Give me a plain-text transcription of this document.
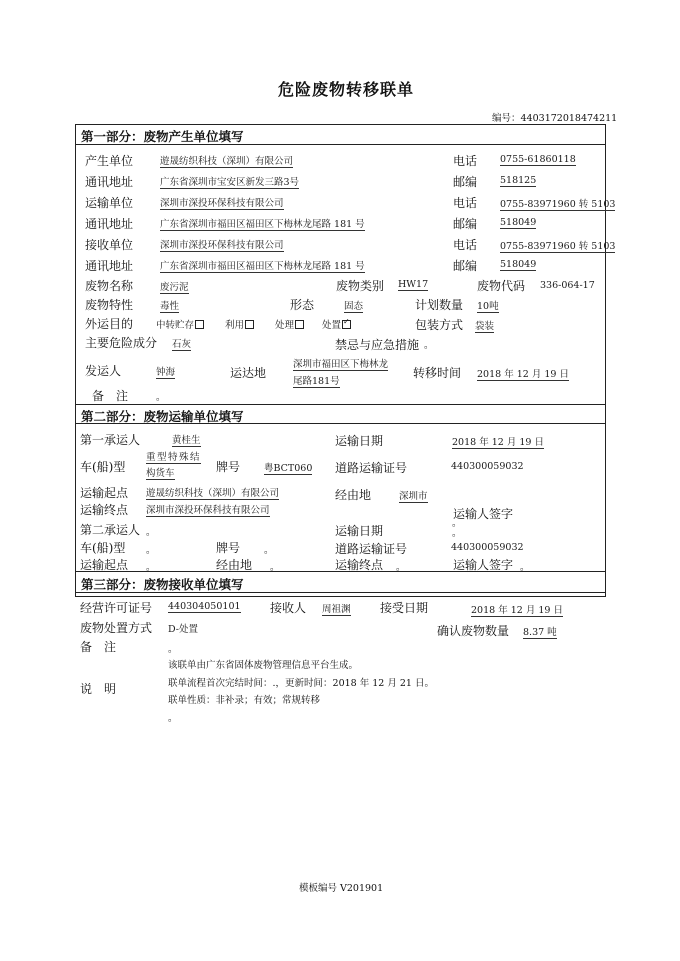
危险废物转移联单
编号：4403172018474211
第一部分：废物产生单位填写
产生单位	遊晟纺织科技（深圳）有限公司	电话 0755-61860118
通讯地址	广东省深圳市宝安区新发三路3号	邮编 518125
运输单位	深圳市深投环保科技有限公司	电话 0755-83971960 转 5103
通讯地址	广东省深圳市福田区福田区下梅林龙尾路 181 号	邮编 518049
接收单位	深圳市深投环保科技有限公司	电话 0755-83971960 转 5103
通讯地址	广东省深圳市福田区福田区下梅林龙尾路 181 号	邮编 518049
废物名称	废污泥	废物类别 HW17	废物代码 336-064-17
废物特性	毒性	形态	固态	计划数量 10吨
外运目的 中转贮存	利用	处理	处置✓	包装方式 袋装
主要危险成分 石灰	禁忌与应急措施 。
发运人	钟海	运达地
深圳市福田区下梅林龙
尾路181号
转移时间 2018 年 12 月 19 日
备　注	。
第二部分：废物运输单位填写
第一承运人	黄桂生	运输日期	2018 年 12 月 19 日
车(船)型
重型特殊结
构货车	牌号	粤BCT060 道路运输证号	440300059032
运输起点 遊晟纺织科技（深圳）有限公司	经由地	深圳市
运输终点 深圳市深投环保科技有限公司	运输人签字
。
第二承运人 。	运输日期	。
车(船)型 。	牌号	。	道路运输证号	440300059032
运输起点 。	经由地 。	运输终点 。	运输人签字 。
第三部分：废物接收单位填写
经营许可证号 440304050101 接收人 周祖渊 接受日期	2018 年 12 月 19 日
废物处置方式 D-处置	确认废物数量 8.37 吨
备　注	。
说　明
该联单由广东省固体废物管理信息平台生成。
联单流程首次完结时间：.，更新时间：2018 年 12 月 21 日。
联单性质：非补录；有效；常规转移
。
模板编号 V201901
